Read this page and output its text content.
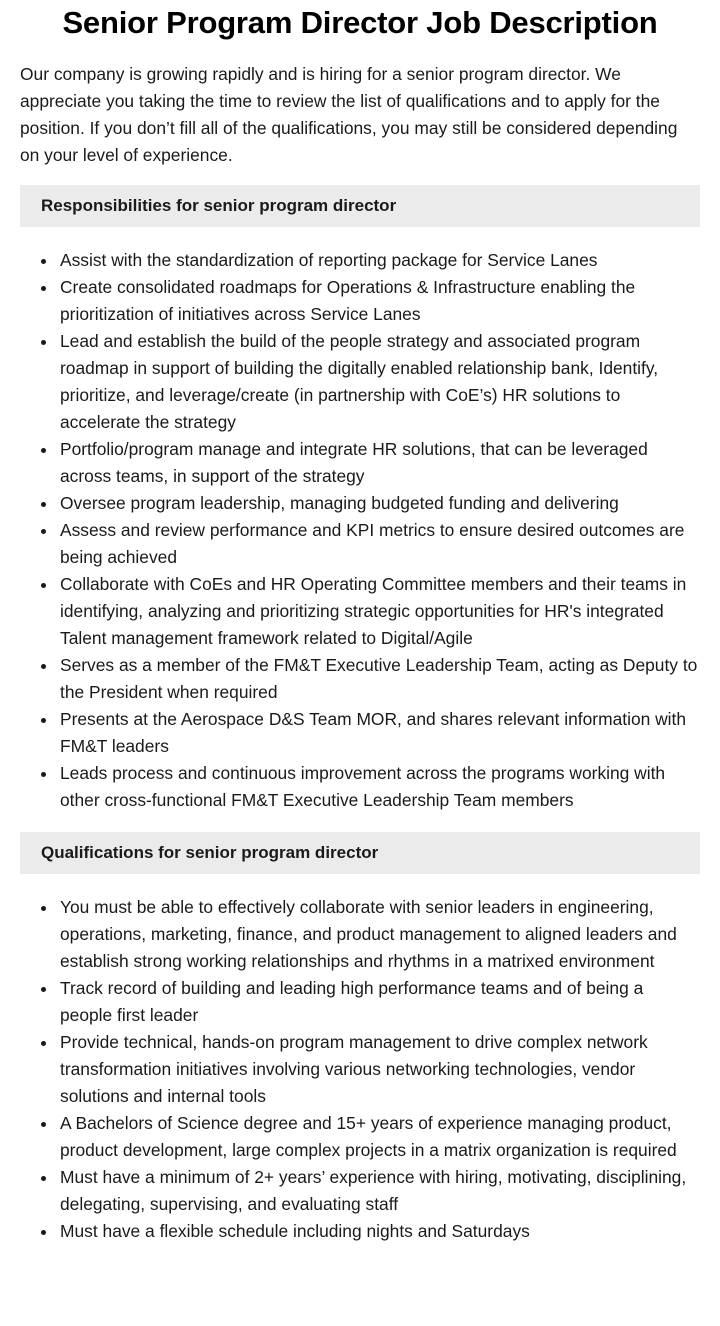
Senior Program Director Job Description

Our company is growing rapidly and is hiring for a senior program director. We appreciate you taking the time to review the list of qualifications and to apply for the position. If you don’t fill all of the qualifications, you may still be considered depending on your level of experience.

Responsibilities for senior program director
Assist with the standardization of reporting package for Service Lanes
Create consolidated roadmaps for Operations & Infrastructure enabling the prioritization of initiatives across Service Lanes
Lead and establish the build of the people strategy and associated program roadmap in support of building the digitally enabled relationship bank, Identify, prioritize, and leverage/create (in partnership with CoE’s) HR solutions to accelerate the strategy
Portfolio/program manage and integrate HR solutions, that can be leveraged across teams, in support of the strategy
Oversee program leadership, managing budgeted funding and delivering
Assess and review performance and KPI metrics to ensure desired outcomes are being achieved
Collaborate with CoEs and HR Operating Committee members and their teams in identifying, analyzing and prioritizing strategic opportunities for HR's integrated Talent management framework related to Digital/Agile
Serves as a member of the FM&T Executive Leadership Team, acting as Deputy to the President when required
Presents at the Aerospace D&S Team MOR, and shares relevant information with FM&T leaders
Leads process and continuous improvement across the programs working with other cross-functional FM&T Executive Leadership Team members
Qualifications for senior program director
You must be able to effectively collaborate with senior leaders in engineering, operations, marketing, finance, and product management to aligned leaders and establish strong working relationships and rhythms in a matrixed environment
Track record of building and leading high performance teams and of being a people first leader
Provide technical, hands-on program management to drive complex network transformation initiatives involving various networking technologies, vendor solutions and internal tools
A Bachelors of Science degree and 15+ years of experience managing product, product development, large complex projects in a matrix organization is required
Must have a minimum of 2+ years’ experience with hiring, motivating, disciplining, delegating, supervising, and evaluating staff
Must have a flexible schedule including nights and Saturdays
